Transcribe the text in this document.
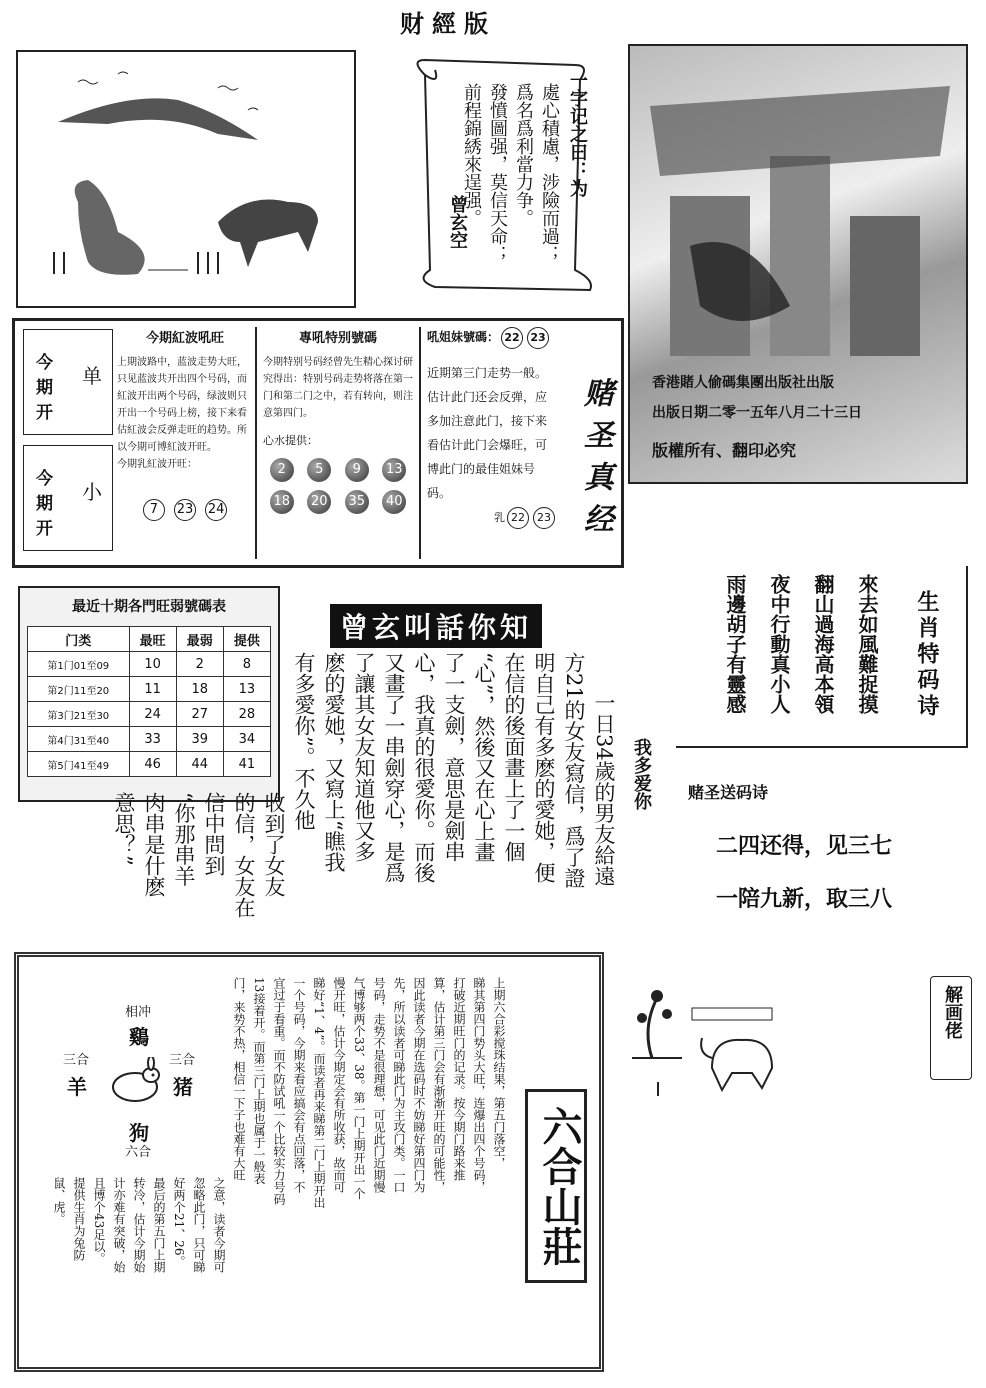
财經版
一字记之曰：为
處心積慮，涉險而過；
爲名爲利當力争。
發憤圖强，莫信天命；
前程錦綉來逞强。
曾玄空
香港賭人偷碼集團出版社出版
出版日期二零一五年八月二十三日
版權所有、翻印必究
今期开
单
今期开
小
今期紅波吼旺
上期波路中，蓝波走势大旺，只见蓝波共开出四个号码，而紅波开出两个号码，绿波则只开出一个号码上榜，接下来看估紅波会反弹走旺的趋势。所以今期可博紅波开旺。
今期乳紅波开旺：
7 23 24
專吼特别號碼
今期特别号码经曾先生精心探讨研究得出：特别号码走势将落在第一门和第二门之中，若有转向，则注意第四门。
心水提供：
2	5	9	13
18 20 35 40
吼姐妹號碼： 22 23
近期第三门走势一般。估计此门还会反弹，应多加注意此门，接下来看估计此门会爆旺，可博此门的最佳姐妹号码。
乳 22 23 赌圣真经
最近十期各門旺弱號碼表
门类	最旺	最弱	提供
第1门01至09	10	2	8
第2门11至20	11	18	13
第3门21至30	24	27	28
第4门31至40	33	39	34
第5门41至49	46	44	41
曾玄叫話你知
我多爱你
一日34歲的男友給遠
方21的女友寫信，爲了證
明自己有多麽的愛她，便
在信的後面畫上了一個
“心”，然後又在心上畫
了一支劍，意思是劍串
心，我真的很愛你。而後
又畫了一串劍穿心，是爲
了讓其女友知道他又多
麽的愛她，又寫上“瞧我
有多愛你”。不久他
收到了女友
的信，女友在
信中問到
“你那串羊
肉串是什麽
意思？”
生肖特码诗
來去如風難捉摸
翻山過海高本領
夜中行動真小人
雨邊胡子有靈感
赌圣送码诗
二四还得，见三七
一陪九新，取三八
相冲
鷄
三合
羊
三合
猪
狗
六合	六合山莊
上期六合彩搅珠结果，第五门落空，
睇其第四门势头大旺，连爆出四个号码，
打破近期旺门的记录。按今期门路来推
算，估计第三门会有渐渐开旺的可能性，
因此读者今期在选码时不妨睇好第四门为
先，所以读者可睇此门为主攻门类。一口
号码，走势不是很理想，可见此门近期慢
气博够两个33、38。第一门上期开出一个
慢开旺，估计今期定会有所收获，故而可
睇好“1、4”。而读者再来睇第二门上期开出
一个号码，今期来看应搞会有点回落，不
宜过于看重。而不防试吼一个比较实力号码
13接着开。而第三门上期也属于一般表
门，来势不热，相信一下子也难有大旺
之意，读者今期可
忽略此门，只可睇
好两个21、26。
最后的第五门上期
转冷，估计今期始
计亦难有突破，始
且博个43足以。
提供生肖为兔防
鼠、虎。
解画佬
